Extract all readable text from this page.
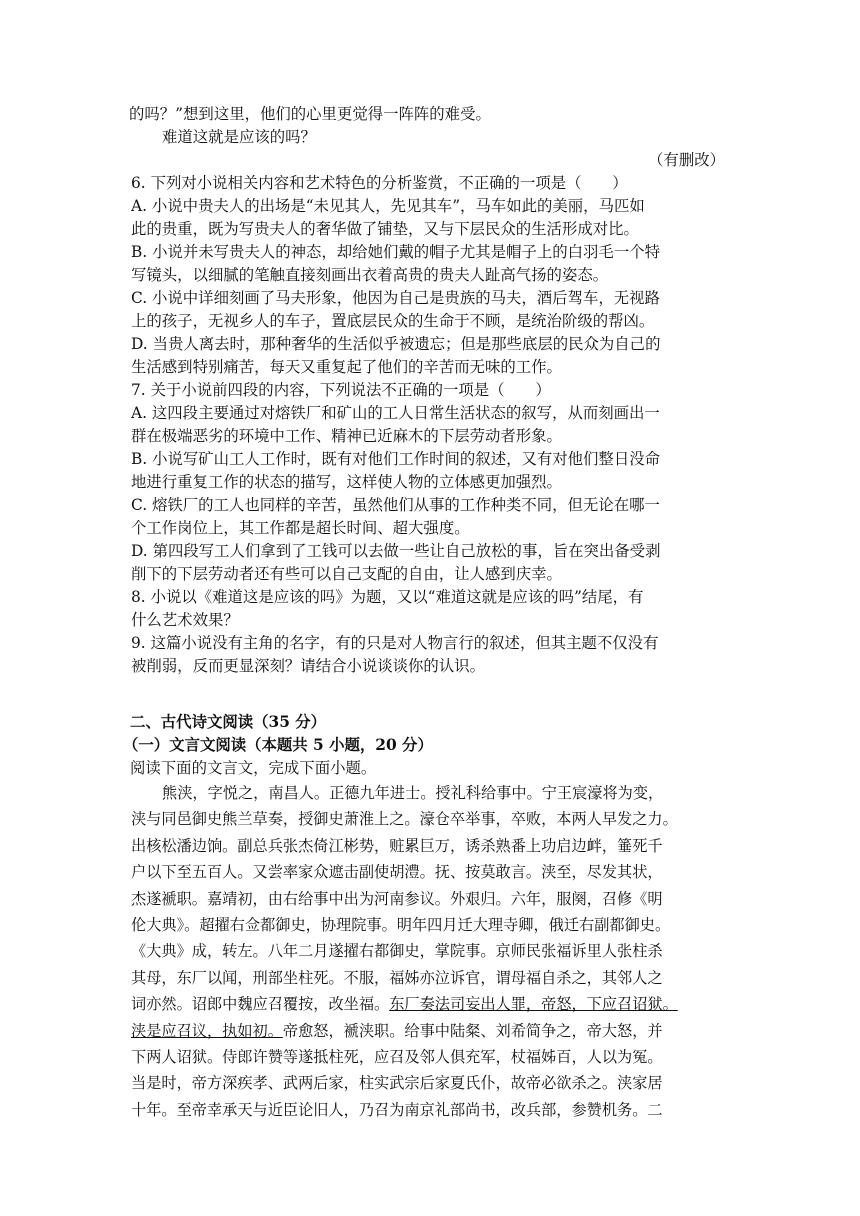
的吗？”想到这里，他们的心里更觉得一阵阵的难受。
难道这就是应该的吗？
（有删改）
6. 下列对小说相关内容和艺术特色的分析鉴赏，不正确的一项是（　　）
A. 小说中贵夫人的出场是“未见其人，先见其车”，马车如此的美丽，马匹如
此的贵重，既为写贵夫人的奢华做了铺垫，又与下层民众的生活形成对比。
B. 小说并未写贵夫人的神态，却给她们戴的帽子尤其是帽子上的白羽毛一个特
写镜头，以细腻的笔触直接刻画出衣着高贵的贵夫人趾高气扬的姿态。
C. 小说中详细刻画了马夫形象，他因为自己是贵族的马夫，酒后驾车，无视路
上的孩子，无视乡人的车子，置底层民众的生命于不顾，是统治阶级的帮凶。
D. 当贵人离去时，那种奢华的生活似乎被遗忘；但是那些底层的民众为自己的
生活感到特别痛苦，每天又重复起了他们的辛苦而无味的工作。
7. 关于小说前四段的内容，下列说法不正确的一项是（　　）
A. 这四段主要通过对熔铁厂和矿山的工人日常生活状态的叙写，从而刻画出一
群在极端恶劣的环境中工作、精神已近麻木的下层劳动者形象。
B. 小说写矿山工人工作时，既有对他们工作时间的叙述，又有对他们整日没命
地进行重复工作的状态的描写，这样使人物的立体感更加强烈。
C. 熔铁厂的工人也同样的辛苦，虽然他们从事的工作种类不同，但无论在哪一
个工作岗位上，其工作都是超长时间、超大强度。
D. 第四段写工人们拿到了工钱可以去做一些让自己放松的事，旨在突出备受剥
削下的下层劳动者还有些可以自己支配的自由，让人感到庆幸。
8. 小说以《难道这是应该的吗》为题，又以“难道这就是应该的吗”结尾，有
什么艺术效果？
9. 这篇小说没有主角的名字，有的只是对人物言行的叙述，但其主题不仅没有
被削弱，反而更显深刻？请结合小说谈谈你的认识。
二、古代诗文阅读（35 分）
（一）文言文阅读（本题共 5 小题，20 分）
阅读下面的文言文，完成下面小题。
熊浃，字悦之，南昌人。正德九年进士。授礼科给事中。宁王宸濠将为变，
浃与同邑御史熊兰草奏，授御史萧淮上之。濠仓卒举事，卒败，本两人早发之力。
出核松潘边饷。副总兵张杰倚江彬势，赃累巨万，诱杀熟番上功启边衅，箠死千
户以下至五百人。又尝率家众遮击副使胡澧。抚、按莫敢言。浃至，尽发其状，
杰遂褫职。嘉靖初，由右给事中出为河南参议。外艰归。六年，服阕，召修《明
伦大典》。超擢右佥都御史，协理院事。明年四月迁大理寺卿，俄迁右副都御史。
《大典》成，转左。八年二月遂擢右都御史，掌院事。京师民张福诉里人张柱杀
其母，东厂以闻，刑部坐柱死。不服，福姊亦泣诉官，谓母福自杀之，其邻人之
词亦然。诏郎中魏应召覆按，改坐福。东厂奏法司妄出人罪，帝怒，下应召诏狱。
浃是应召议，执如初。帝愈怒，褫浃职。给事中陆粲、刘希简争之，帝大怒，并
下两人诏狱。侍郎许赞等遂抵柱死，应召及邻人俱充军，杖福姊百，人以为冤。
当是时，帝方深疾孝、武两后家，柱实武宗后家夏氏仆，故帝必欲杀之。浃家居
十年。至帝幸承天与近臣论旧人，乃召为南京礼部尚书，改兵部，参赞机务。二
